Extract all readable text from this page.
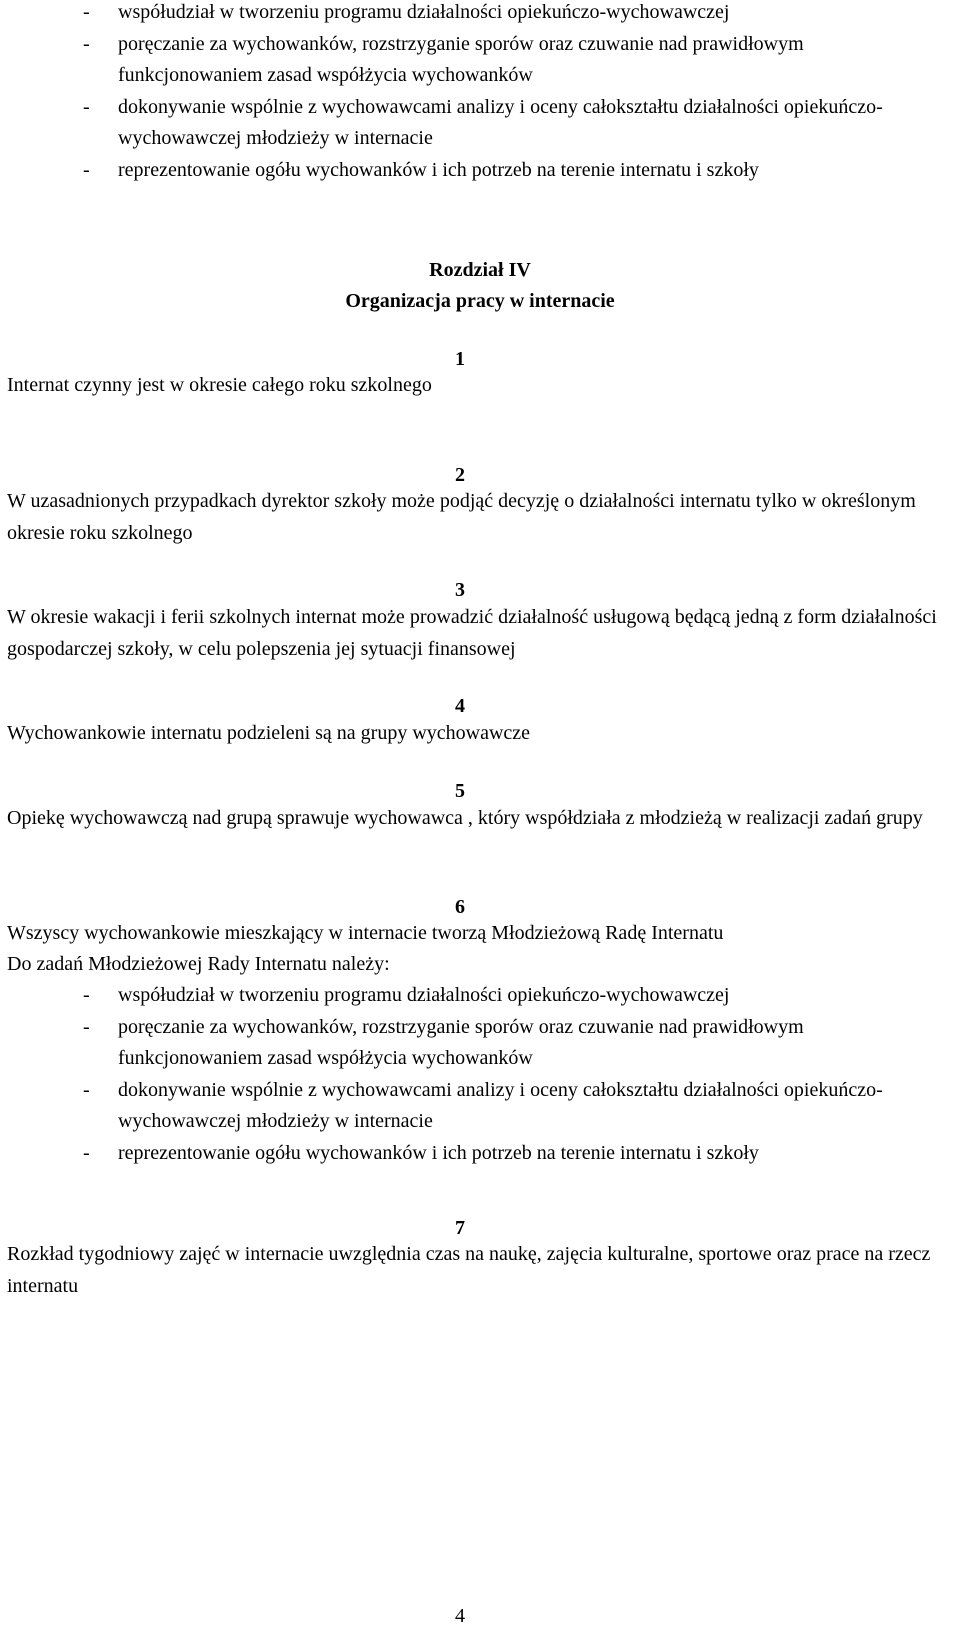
- współudział w tworzeniu programu działalności opiekuńczo-wychowawczej
- poręczanie za wychowanków, rozstrzyganie sporów oraz czuwanie nad prawidłowym funkcjonowaniem zasad współżycia wychowanków
- dokonywanie wspólnie z wychowawcami analizy i oceny całokształtu działalności opiekuńczo-wychowawczej młodzieży w internacie
- reprezentowanie ogółu wychowanków i ich potrzeb na terenie internatu i szkoły
Rozdział IV
Organizacja pracy w internacie
1
Internat czynny jest w okresie całego roku szkolnego
2
W uzasadnionych przypadkach dyrektor szkoły może podjąć decyzję o działalności internatu tylko w określonym okresie roku szkolnego
3
W okresie wakacji i ferii szkolnych internat może prowadzić działalność usługową będącą jedną z form działalności gospodarczej szkoły, w celu polepszenia jej sytuacji finansowej
4
Wychowankowie internatu podzieleni są na grupy wychowawcze
5
Opiekę wychowawczą nad grupą sprawuje wychowawca , który współdziała z młodzieżą w realizacji zadań grupy
6
Wszyscy wychowankowie mieszkający w internacie tworzą Młodzieżową Radę Internatu
Do zadań Młodzieżowej Rady Internatu należy:
- współudział w tworzeniu programu działalności opiekuńczo-wychowawczej
- poręczanie za wychowanków, rozstrzyganie sporów oraz czuwanie nad prawidłowym funkcjonowaniem zasad współżycia wychowanków
- dokonywanie wspólnie z wychowawcami analizy i oceny całokształtu działalności opiekuńczo-wychowawczej młodzieży w internacie
- reprezentowanie ogółu wychowanków i ich potrzeb na terenie internatu i szkoły
7
Rozkład tygodniowy zajęć w internacie uwzględnia czas na naukę, zajęcia kulturalne, sportowe oraz prace na rzecz internatu
4
